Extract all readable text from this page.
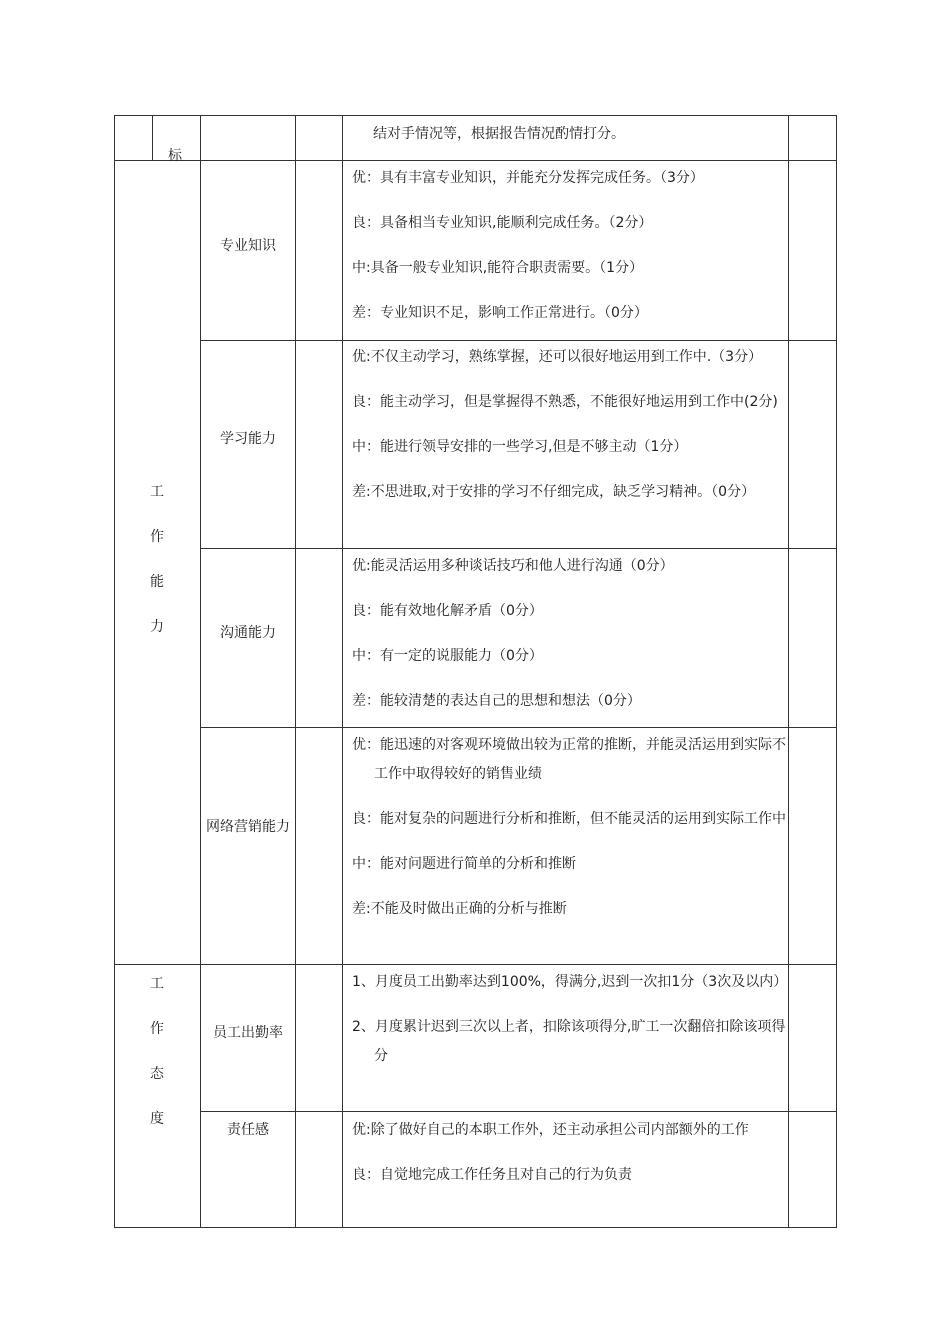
标
结对手情况等，根据报告情况酌情打分。
工
作
能
力
专业知识
优：具有丰富专业知识，并能充分发挥完成任务。（3分）
良：具备相当专业知识,能顺利完成任务。（2分）
中:具备一般专业知识,能符合职责需要。（1分）
差：专业知识不足，影响工作正常进行。（0分）
学习能力
优:不仅主动学习，熟练掌握，还可以很好地运用到工作中.（3分）
良：能主动学习，但是掌握得不熟悉，不能很好地运用到工作中(2分)
中：能进行领导安排的一些学习,但是不够主动（1分）
差:不思进取,对于安排的学习不仔细完成，缺乏学习精神。（0分）
沟通能力
优:能灵活运用多种谈话技巧和他人进行沟通（0分）
良：能有效地化解矛盾（0分）
中：有一定的说服能力（0分）
差：能较清楚的表达自己的思想和想法（0分）
网络营销能力
优：能迅速的对客观环境做出较为正常的推断，并能灵活运用到实际不工作中取得较好的销售业绩
良：能对复杂的问题进行分析和推断，但不能灵活的运用到实际工作中
中：能对问题进行简单的分析和推断
差:不能及时做出正确的分析与推断
工
作
态
度
员工出勤率
1、月度员工出勤率达到100%，得满分,迟到一次扣1分（3次及以内）
2、月度累计迟到三次以上者，扣除该项得分,旷工一次翻倍扣除该项得分
责任感	优:除了做好自己的本职工作外，还主动承担公司内部额外的工作
良：自觉地完成工作任务且对自己的行为负责
